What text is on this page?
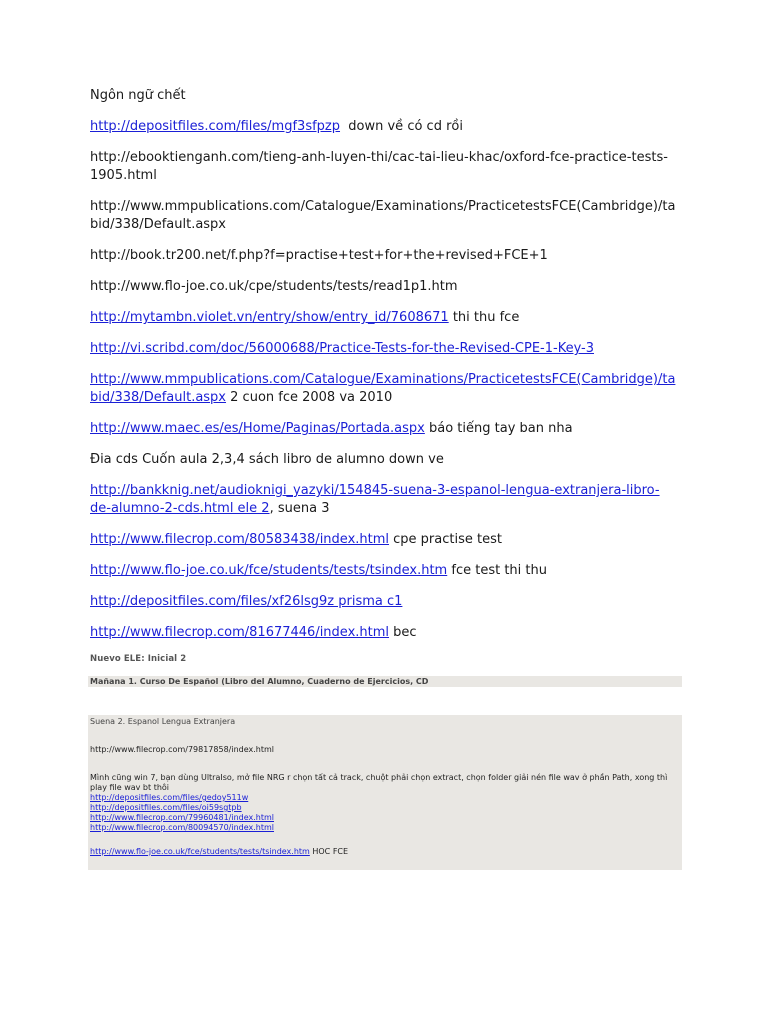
Ngôn ngữ chết

http://depositfiles.com/files/mgf3sfpzp  down về có cd rồi

http://ebooktienganh.com/tieng-anh-luyen-thi/cac-tai-lieu-khac/oxford-fce-practice-tests-1905.html

http://www.mmpublications.com/Catalogue/Examinations/PracticetestsFCE(Cambridge)/tabid/338/Default.aspx

http://book.tr200.net/f.php?f=practise+test+for+the+revised+FCE+1

http://www.flo-joe.co.uk/cpe/students/tests/read1p1.htm

http://mytambn.violet.vn/entry/show/entry_id/7608671 thi thu fce

http://vi.scribd.com/doc/56000688/Practice-Tests-for-the-Revised-CPE-1-Key-3

http://www.mmpublications.com/Catalogue/Examinations/PracticetestsFCE(Cambridge)/tabid/338/Default.aspx 2 cuon fce 2008 va 2010

http://www.maec.es/es/Home/Paginas/Portada.aspx báo tiếng tay ban nha

Đia cds Cuốn aula 2,3,4 sách libro de alumno down ve

http://bankknig.net/audioknigi_yazyki/154845-suena-3-espanol-lengua-extranjera-libro-de-alumno-2-cds.html ele 2, suena 3

http://www.filecrop.com/80583438/index.html cpe practise test

http://www.flo-joe.co.uk/fce/students/tests/tsindex.htm fce test thi thu

http://depositfiles.com/files/xf26lsg9z prisma c1

http://www.filecrop.com/81677446/index.html bec

Nuevo ELE: Inicial 2
Mañana 1. Curso De Español (Libro del Alumno, Cuaderno de Ejercicios, CD
Suena 2. Espanol Lengua Extranjera
http://www.filecrop.com/79817858/index.html
Mình cũng win 7, bạn dùng UltraIso, mở file NRG r chọn tất cả track, chuột phải chọn extract, chọn folder giải nén file wav ở phần Path, xong thì play file wav bt thôi
http://depositfiles.com/files/gedoy511w
http://depositfiles.com/files/oi59sgtpb
http://www.filecrop.com/79960481/index.html
http://www.filecrop.com/80094570/index.html
http://www.flo-joe.co.uk/fce/students/tests/tsindex.htm HOC FCE
